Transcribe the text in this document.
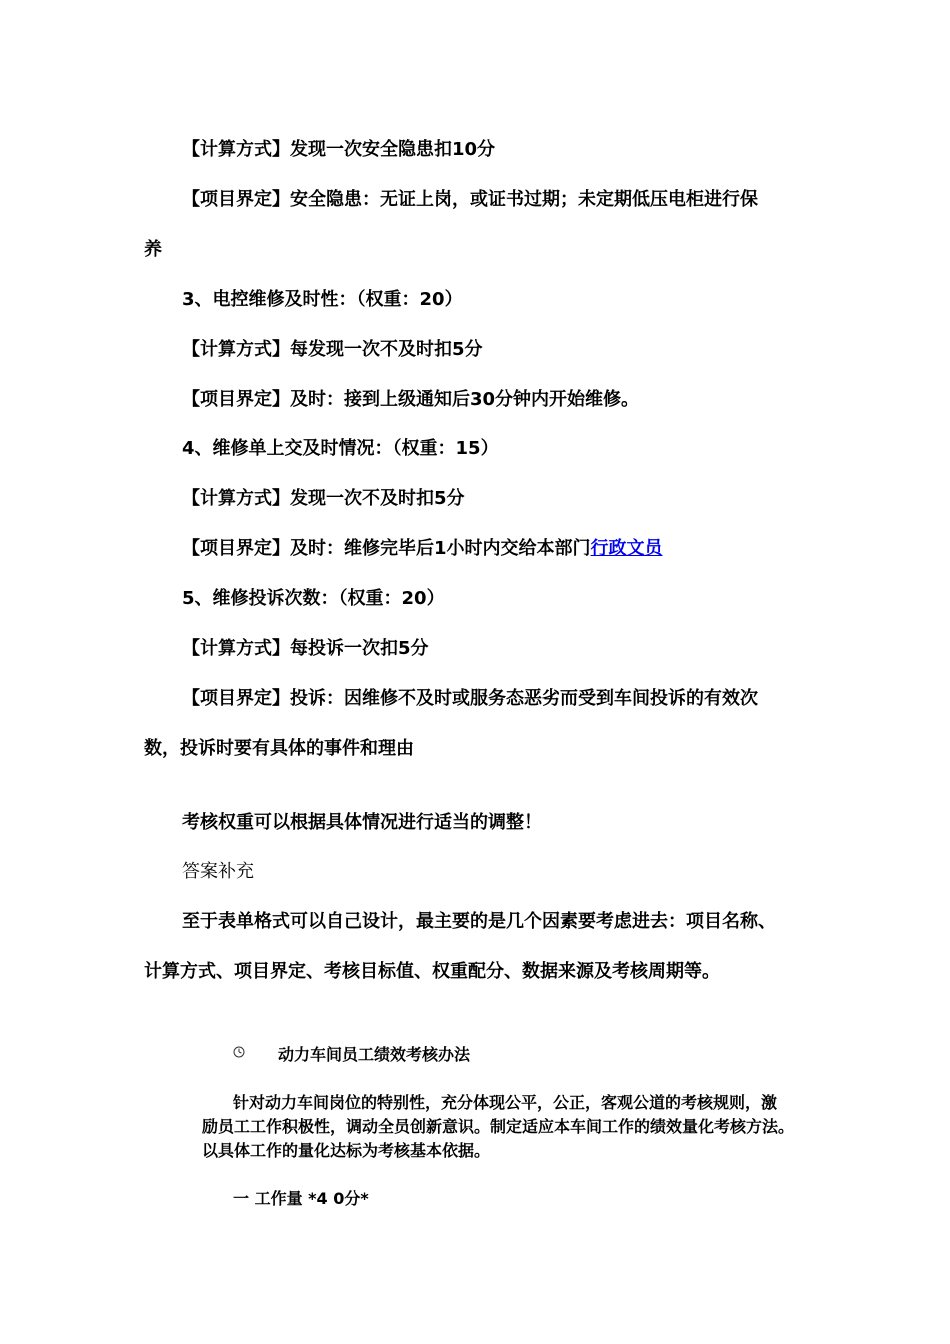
【计算方式】发现一次安全隐患扣10分
【项目界定】安全隐患：无证上岗，或证书过期；未定期低压电柜进行保
养
3、电控维修及时性：（权重：20）
【计算方式】每发现一次不及时扣5分
【项目界定】及时：接到上级通知后30分钟内开始维修。
4、维修单上交及时情况：（权重：15）
【计算方式】发现一次不及时扣5分
【项目界定】及时：维修完毕后1小时内交给本部门行政文员
5、维修投诉次数：（权重：20）
【计算方式】每投诉一次扣5分
【项目界定】投诉：因维修不及时或服务态恶劣而受到车间投诉的有效次
数，投诉时要有具体的事件和理由
考核权重可以根据具体情况进行适当的调整！
答案补充
至于表单格式可以自己设计，最主要的是几个因素要考虑进去：项目名称、
计算方式、项目界定、考核目标值、权重配分、数据来源及考核周期等。
动力车间员工绩效考核办法
针对动力车间岗位的特别性，充分体现公平，公正，客观公道的考核规则，激
励员工工作积极性，调动全员创新意识。制定适应本车间工作的绩效量化考核方法。
以具体工作的量化达标为考核基本依据。
一 工作量 *4 0分*
